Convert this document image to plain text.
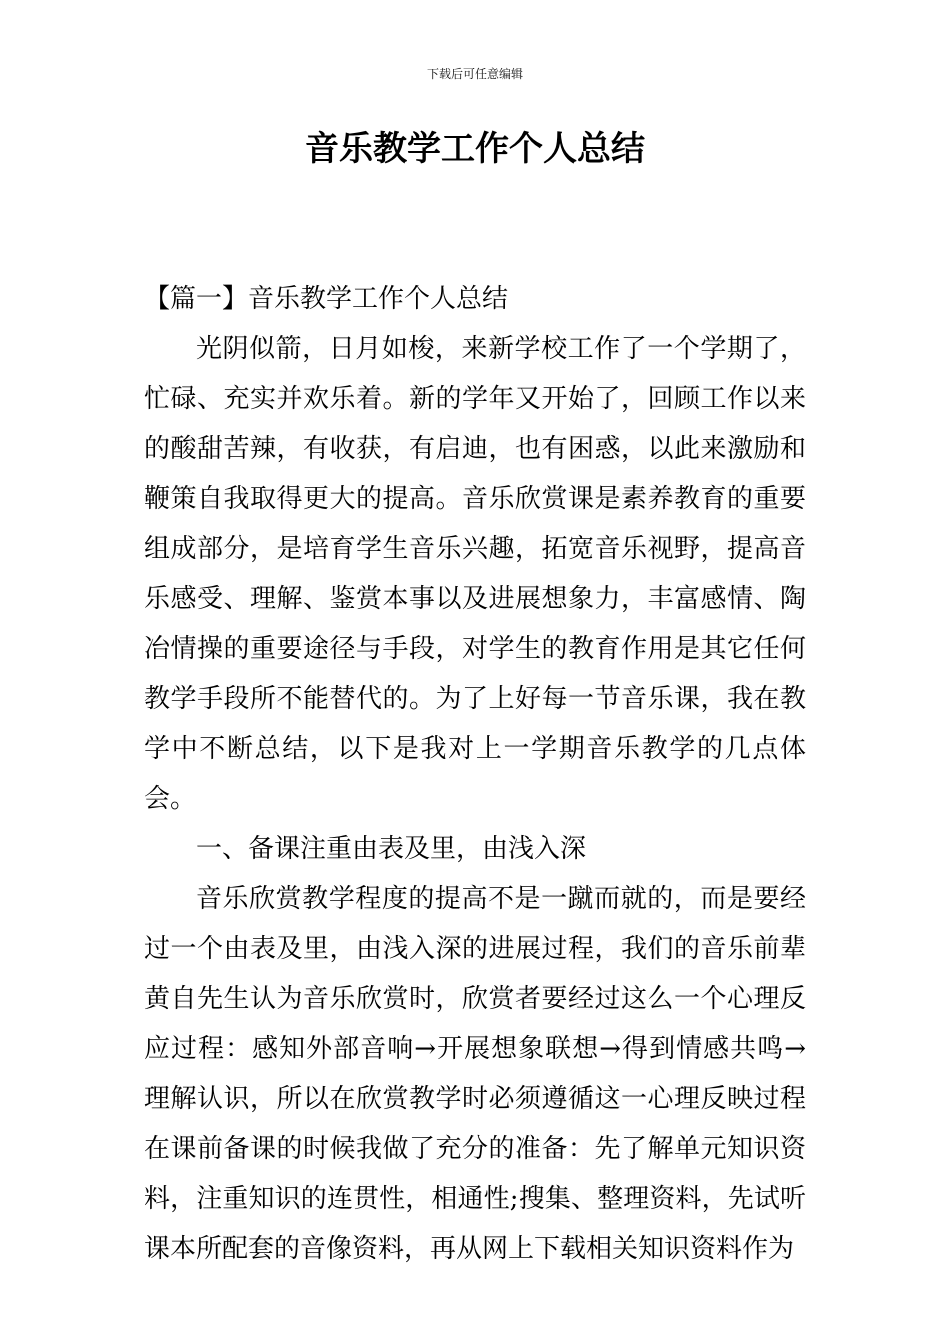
下载后可任意编辑
音乐教学工作个人总结

【篇一】音乐教学工作个人总结

光阴似箭，日月如梭，来新学校工作了一个学期了，忙碌、充实并欢乐着。新的学年又开始了，回顾工作以来的酸甜苦辣，有收获，有启迪，也有困惑，以此来激励和鞭策自我取得更大的提高。音乐欣赏课是素养教育的重要组成部分，是培育学生音乐兴趣，拓宽音乐视野，提高音乐感受、理解、鉴赏本事以及进展想象力，丰富感情、陶冶情操的重要途径与手段，对学生的教育作用是其它任何教学手段所不能替代的。为了上好每一节音乐课，我在教学中不断总结，以下是我对上一学期音乐教学的几点体会。

一、备课注重由表及里，由浅入深

音乐欣赏教学程度的提高不是一蹴而就的，而是要经过一个由表及里，由浅入深的进展过程，我们的音乐前辈黄自先生认为音乐欣赏时，欣赏者要经过这么一个心理反应过程：感知外部音响→开展想象联想→得到情感共鸣→理解认识，所以在欣赏教学时必须遵循这一心理反映过程在课前备课的时候我做了充分的准备：先了解单元知识资料，注重知识的连贯性，相通性;搜集、整理资料，先试听课本所配套的音像资料，再从网上下载相关知识资料作为
